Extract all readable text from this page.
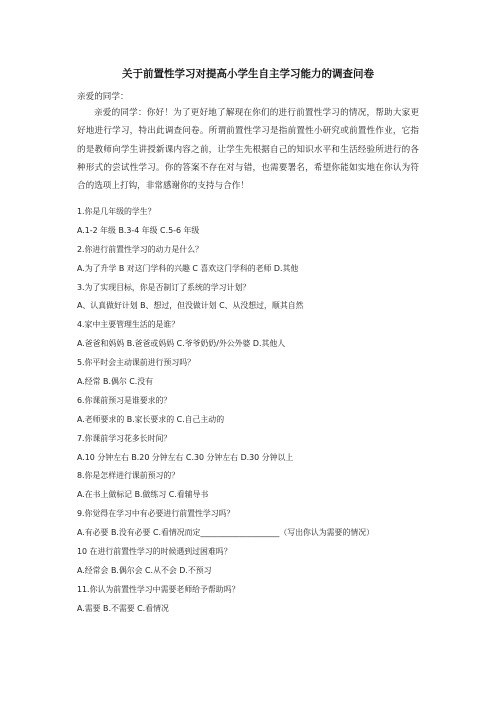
关于前置性学习对提高小学生自主学习能力的调查问卷
亲爱的同学：

亲爱的同学：你好！为了更好地了解现在你们的进行前置性学习的情况，帮助大家更好地进行学习，特出此调查问卷。所谓前置性学习是指前置性小研究或前置性作业，它指的是教师向学生讲授新课内容之前，让学生先根据自己的知识水平和生活经验所进行的各种形式的尝试性学习。你的答案不存在对与错，也需要署名，希望你能如实地在你认为符合的选项上打钩，非常感谢你的支持与合作！

1.你是几年级的学生？
A.1-2 年级 B.3-4 年级 C.5-6 年级
2.你进行前置性学习的动力是什么？
A.为了升学 B 对这门学科的兴趣 C 喜欢这门学科的老师 D.其他
3.为了实现目标，你是否制订了系统的学习计划？
A、认真做好计划 B、想过，但没做计划 C、从没想过，顺其自然
4.家中主要管理生活的是谁？
A.爸爸和妈妈 B.爸爸或妈妈 C.爷爷奶奶/外公外婆 D.其他人
5.你平时会主动课前进行预习吗？
A.经常 B.偶尔 C.没有
6.你课前预习是谁要求的？
A.老师要求的 B.家长要求的 C.自己主动的
7.你课前学习花多长时间？
A.10 分钟左右 B.20 分钟左右 C.30 分钟左右 D.30 分钟以上
8.你是怎样进行课前预习的？
A.在书上做标记 B.做练习 C.看辅导书
9.你觉得在学习中有必要进行前置性学习吗？
A.有必要 B.没有必要 C.看情况而定____________________（写出你认为需要的情况）
10 在进行前置性学习的时候遇到过困难吗？
A.经常会 B.偶尔会 C.从不会 D.不预习
11.你认为前置性学习中需要老师给予帮助吗？
A.需要 B.不需要 C.看情况
